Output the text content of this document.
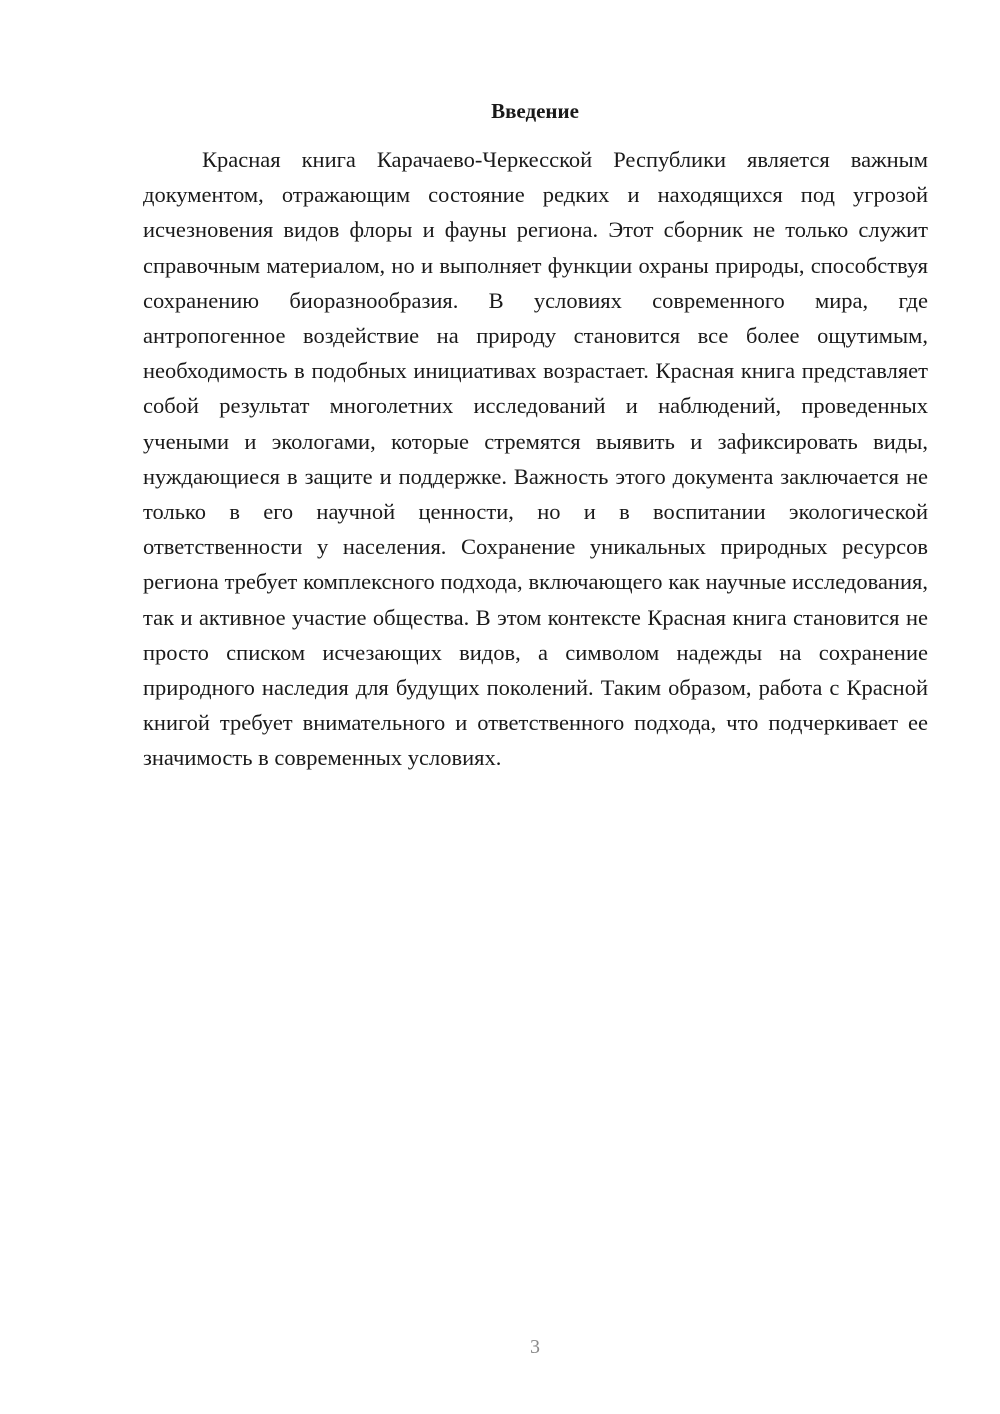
Введение

Красная книга Карачаево-Черкесской Республики является важным документом, отражающим состояние редких и находящихся под угрозой исчезновения видов флоры и фауны региона. Этот сборник не только служит справочным материалом, но и выполняет функции охраны природы, способствуя сохранению биоразнообразия. В условиях современного мира, где антропогенное воздействие на природу становится все более ощутимым, необходимость в подобных инициативах возрастает. Красная книга представляет собой результат многолетних исследований и наблюдений, проведенных учеными и экологами, которые стремятся выявить и зафиксировать виды, нуждающиеся в защите и поддержке. Важность этого документа заключается не только в его научной ценности, но и в воспитании экологической ответственности у населения. Сохранение уникальных природных ресурсов региона требует комплексного подхода, включающего как научные исследования, так и активное участие общества. В этом контексте Красная книга становится не просто списком исчезающих видов, а символом надежды на сохранение природного наследия для будущих поколений. Таким образом, работа с Красной книгой требует внимательного и ответственного подхода, что подчеркивает ее значимость в современных условиях.

3
